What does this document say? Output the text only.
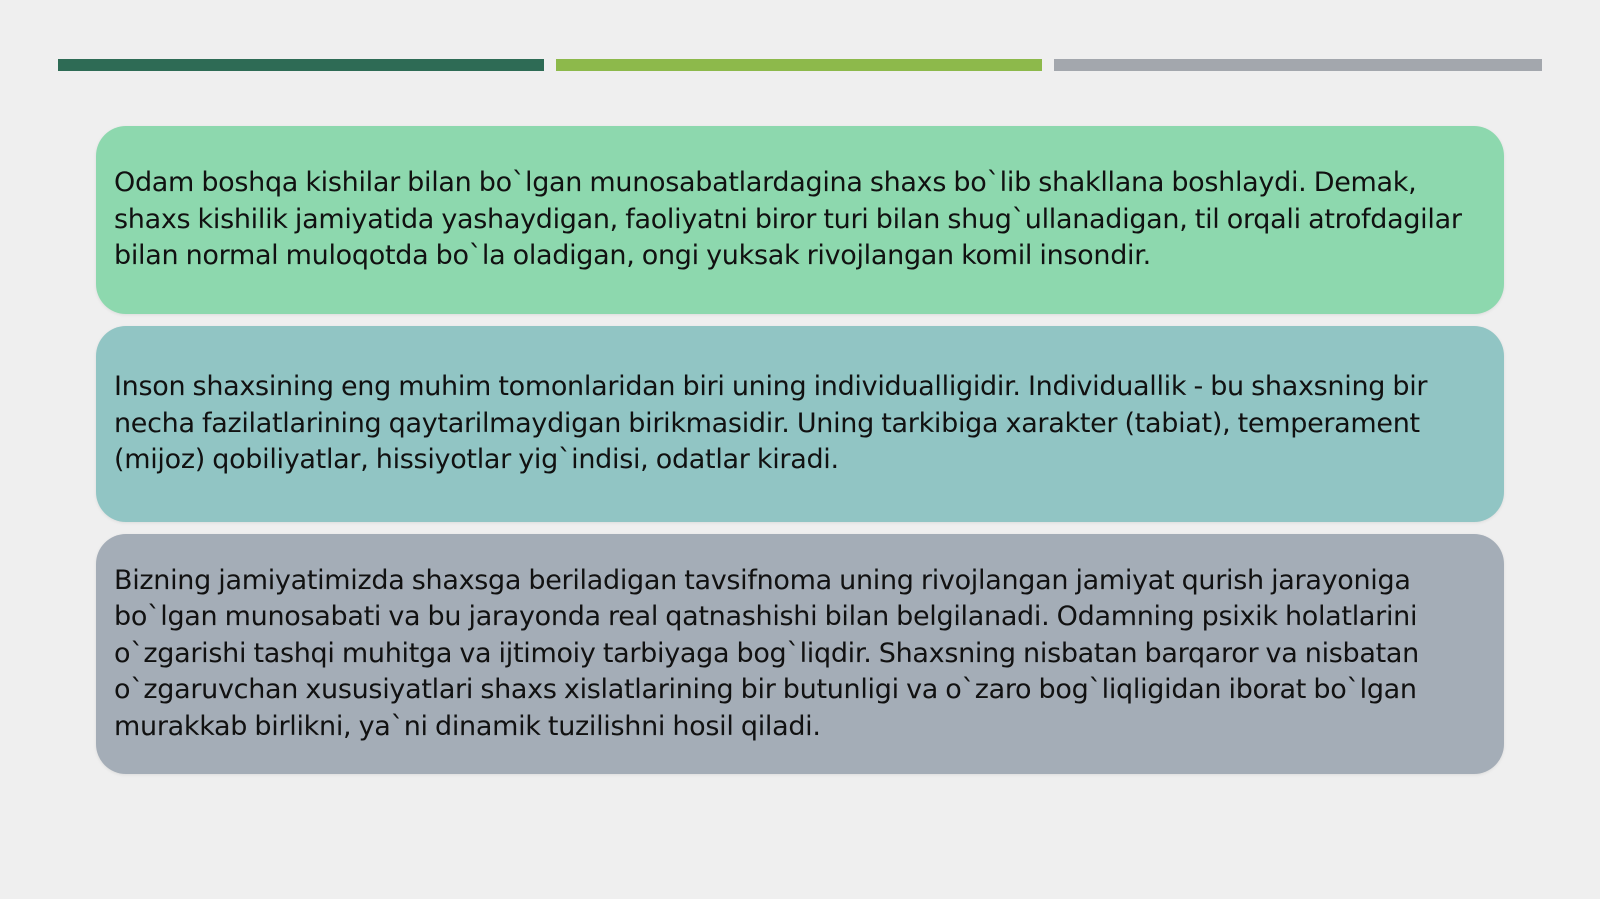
Odam boshqa kishilar bilan bo`lgan munosabatlardagina shaxs bo`lib shakllana boshlaydi. Demak, shaxs kishilik jamiyatida yashaydigan, faoliyatni biror turi bilan shug`ullanadigan, til orqali atrofdagilar bilan normal muloqotda bo`la oladigan, ongi yuksak rivojlangan komil insondir.

Inson shaxsining eng muhim tomonlaridan biri uning individualligidir. Individuallik - bu shaxsning bir necha fazilatlarining qaytarilmaydigan birikmasidir. Uning tarkibiga xarakter (tabiat), temperament (mijoz) qobiliyatlar, hissiyotlar yig`indisi, odatlar kiradi.

Bizning jamiyatimizda shaxsga beriladigan tavsifnoma uning rivojlangan jamiyat qurish jarayoniga bo`lgan munosabati va bu jarayonda real qatnashishi bilan belgilanadi. Odamning psixik holatlarini o`zgarishi tashqi muhitga va ijtimoiy tarbiyaga bog`liqdir. Shaxsning nisbatan barqaror va nisbatan o`zgaruvchan xususiyatlari shaxs xislatlarining bir butunligi va o`zaro bog`liqligidan iborat bo`lgan murakkab birlikni, ya`ni dinamik tuzilishni hosil qiladi.
